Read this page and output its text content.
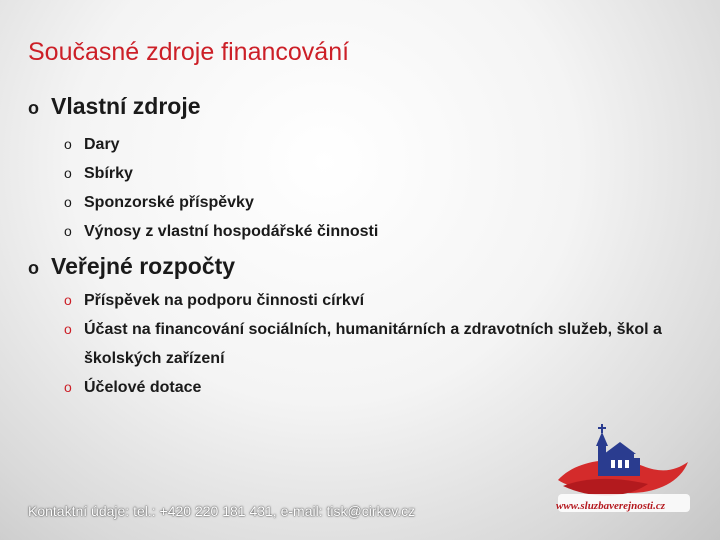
Současné zdroje financování
o Vlastní zdroje
o Dary
o Sbírky
o Sponzorské příspěvky
o Výnosy z vlastní hospodářské činnosti
o Veřejné rozpočty
o Příspěvek na podporu činnosti církví
o Účast na financování sociálních, humanitárních a zdravotních služeb, škol a školských zařízení
o Účelové dotace
www.sluzbaverejnosti.cz
Kontaktní údaje: tel.: +420 220 181 431, e-mail: tisk@cirkev.cz
